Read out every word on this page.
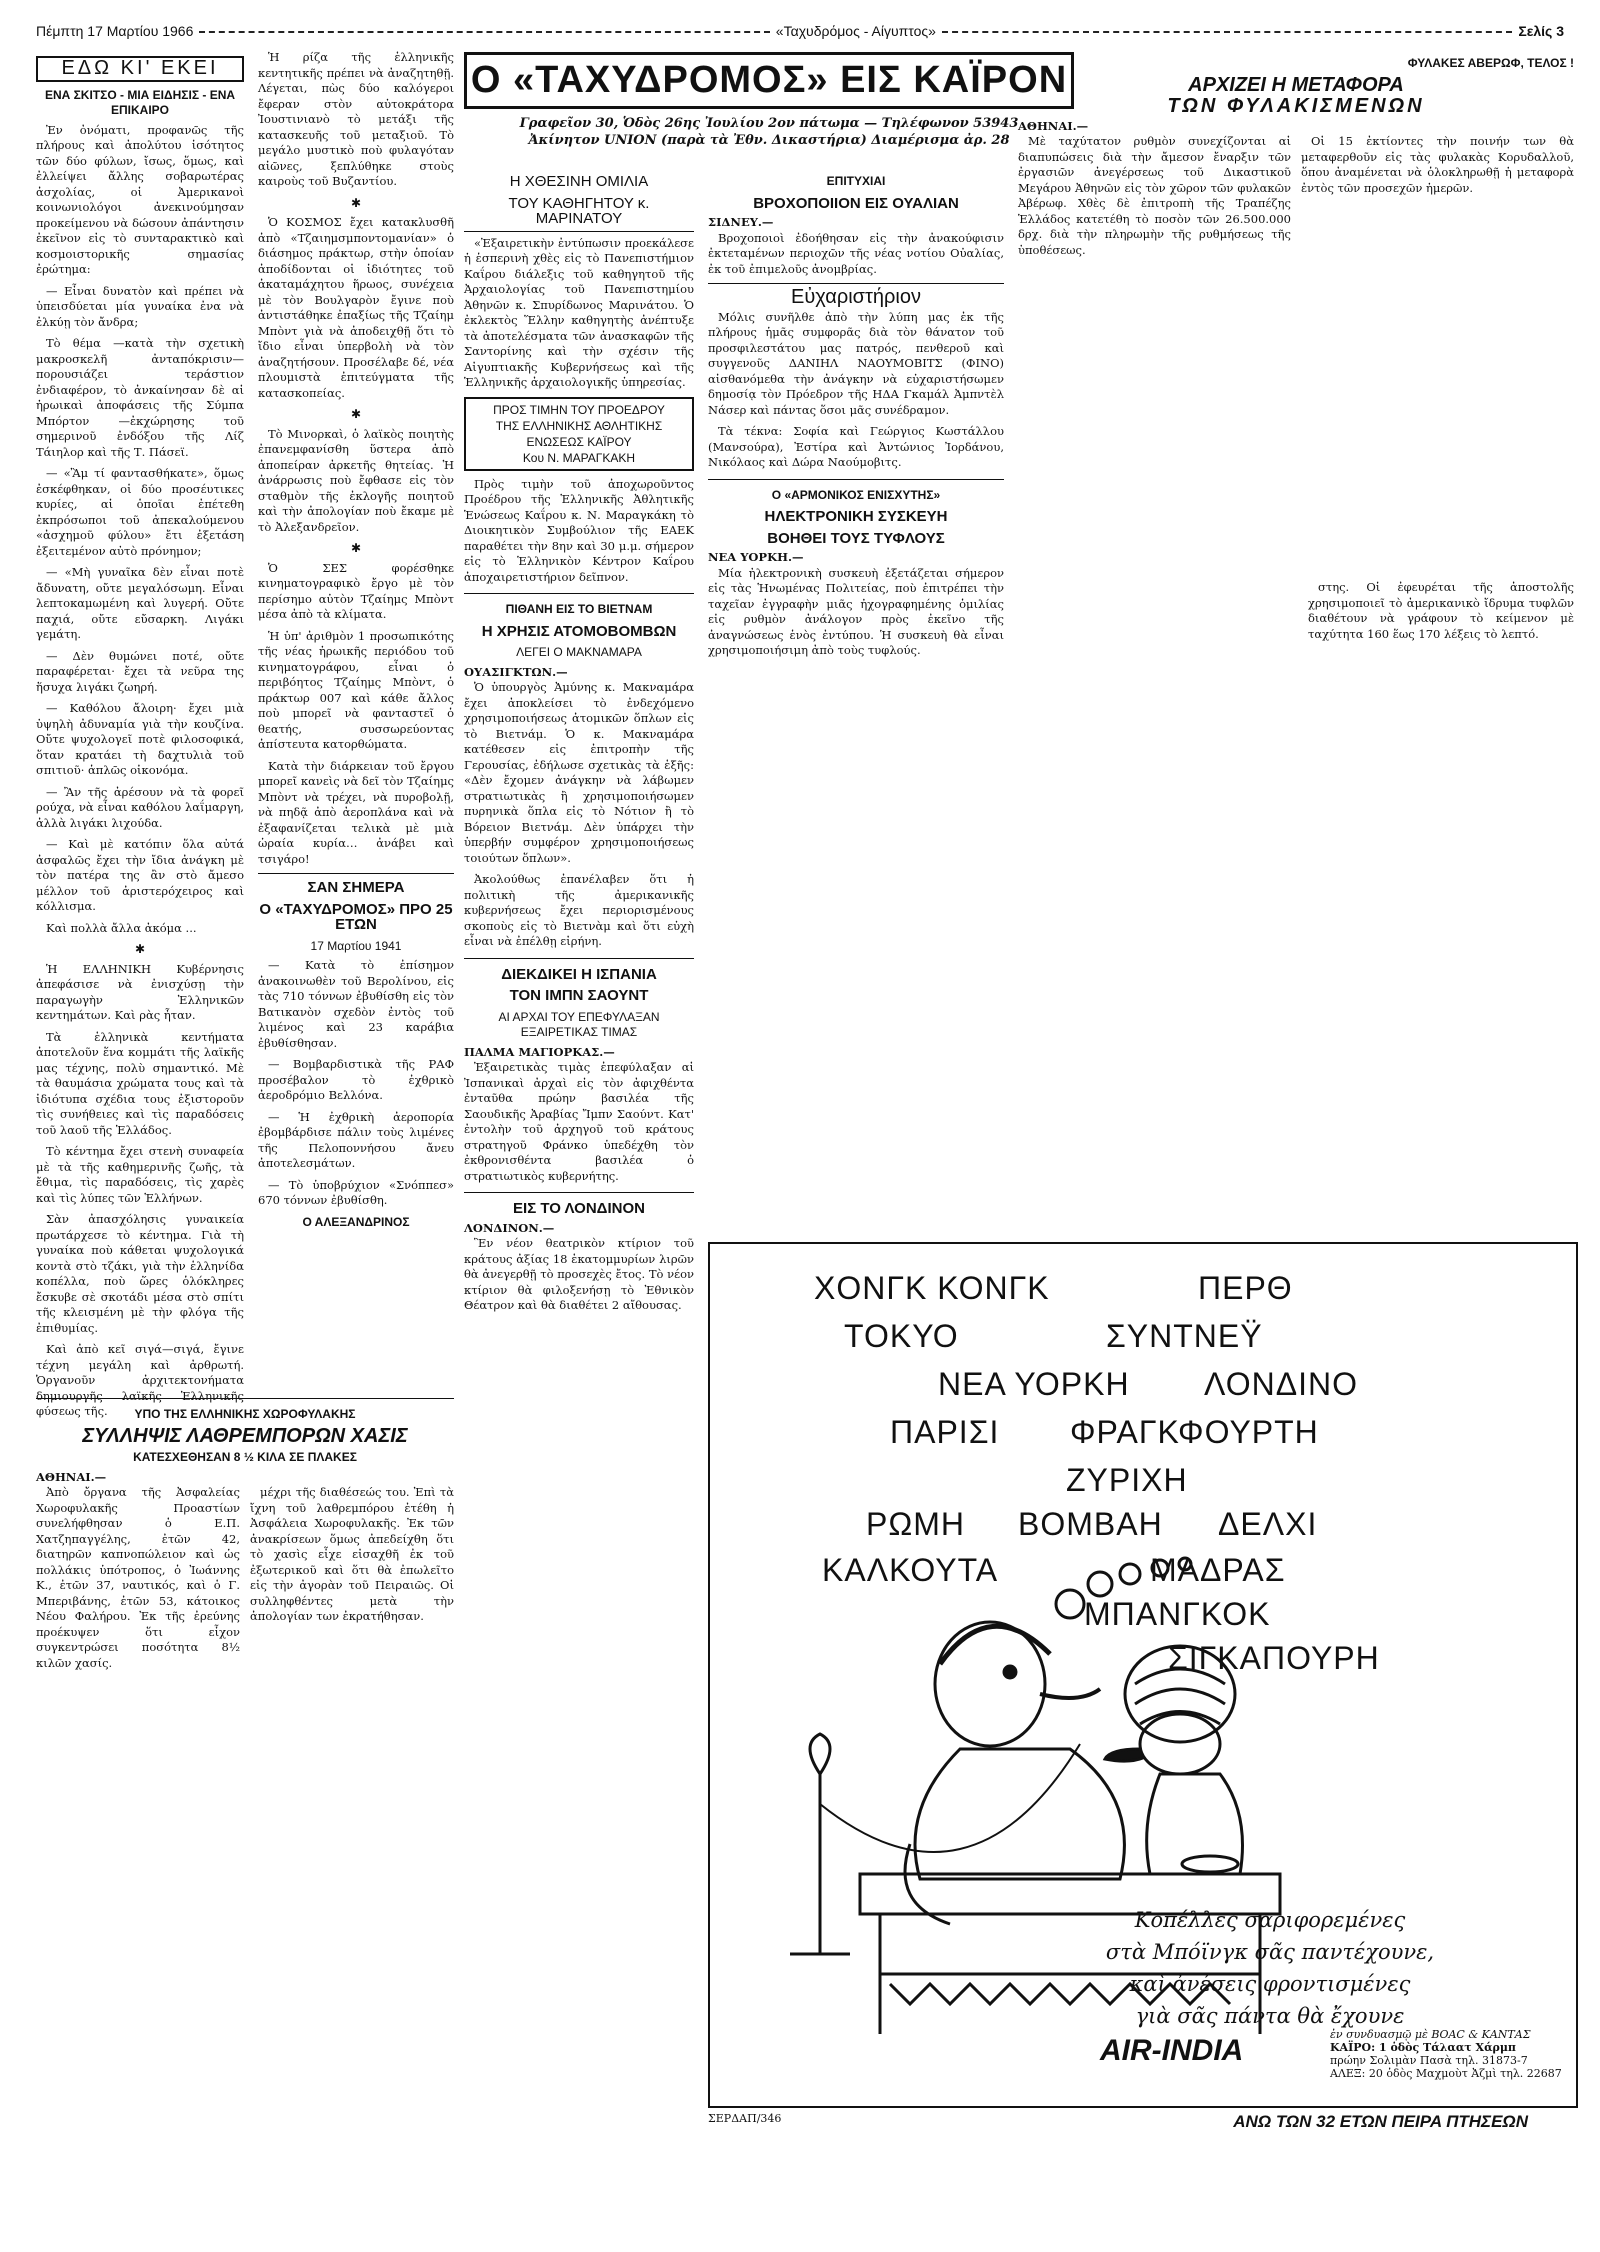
Πέμπτη 17 Μαρτίου 1966	«Ταχυδρόμος - Αίγυπτος»	Σελίς 3
ΕΔΩ ΚΙ' ΕΚΕΙ
ΕΝΑ ΣΚΙΤΣΟ - ΜΙΑ ΕΙΔΗΣΙΣ - ΕΝΑ ΕΠΙΚΑΙΡΟ

Ἐν ὀνόματι, προφανῶς τῆς πλήρους καὶ ἀπολύτου ἰσότητος τῶν δύο φύλων, ἴσως, ὅμως, καὶ ἐλλείψει ἄλλης σοβαρωτέρας ἀσχολίας, οἱ Ἀμερικανοὶ κοινωνιολόγοι ἀνεκινούμησαν προκείμενου νὰ δώσουν ἀπάντησιν ἐκεῖνον εἰς τὸ συνταρακτικὸ καὶ κοσμοιστορικῆς σημασίας ἐρώτημα:

— Εἶναι δυνατὸν καὶ πρέπει νὰ ὑπεισδύεται μία γυναίκα ἐνα νὰ ἐλκύῃ τὸν ἄνδρα;

Τὸ θέμα —κατὰ τὴν σχετικὴ μακροσκελῆ ἀνταπόκρισιν— πορουσιάζει τεράστιον ἐνδιαφέρον, τὸ ἀνκαίνησαν δὲ αἱ ἡρωικαὶ ἀποφάσεις τῆς Σύμπα Μπόρτον —ἐκχώρησης τοῦ σημερινοῦ ἐνδόξου τῆς Λίζ Τάιηλορ καὶ τῆς Τ. Πάσεϊ.

— «Ἂμ τί φαντασθήκατε», ὅμως ἐσκέφθηκαν, οἱ δύο προσέυτικες κυρίες, αἱ ὁποῖαι ἐπέτεθη ἐκπρόσωποι τοῦ ἀπεκαλούμενου «ἀσχημοῦ φύλου» ἔτι ἐξετάση ἐξειτεμένον αὐτὸ πρόνημον;

— «Μὴ γυναῖκα δὲν εἶναι ποτὲ ἄδυνατη, οὔτε μεγαλόσωμη. Εἶναι λεπτοκαμωμένη καὶ λυγερή. Οὔτε παχιά, οὔτε εὔσαρκη. Λιγάκι γεμάτη.

— Δὲν θυμώνει ποτέ, οὔτε παραφέρεται· ἔχει τὰ νεῦρα της ἥσυχα λιγάκι ζωηρή.

— Καθόλου ἄλοιρη· ἔχει μιὰ ὑψηλὴ ἀδυναμία γιὰ τὴν κουζίνα. Οὔτε ψυχολογεῖ ποτὲ φιλοσοφικά, ὅταν κρατάει τὴ δαχτυλιὰ τοῦ σπιτιοῦ· ἁπλῶς οἰκονόμα.

— Ἂν τῆς ἀρέσουν νὰ τὰ φορεῖ ρούχα, νὰ εἶναι καθόλου λαΐμαργη, ἀλλὰ λιγάκι λιχούδα.

— Καὶ μὲ κατόπιν ὅλα αὐτά ἀσφαλῶς ἔχει τὴν ἴδια ἀνάγκη μὲ τὸν πατέρα της ἂν στὸ ἄμεσο μέλλον τοῦ ἀριστερόχειρος καὶ κόλλισμα.

Καὶ πολλὰ ἄλλα ἀκόμα ...

✱

Ἡ ΕΛΛΗΝΙΚΗ Κυβέρνησις ἀπεφάσισε νὰ ἐνισχύσῃ τὴν παραγωγὴν Ἑλληνικῶν κεντημάτων. Καὶ ρὰς ἦταν.

Τὰ ἑλληνικὰ κεντήματα ἀποτελοῦν ἕνα κομμάτι τῆς λαϊκῆς μας τέχνης, πολὺ σημαντικό. Μὲ τὰ θαυμάσια χρώματα τους καὶ τὰ ἰδιότυπα σχέδια τους ἐξιστοροῦν τὶς συνήθειες καὶ τὶς παραδόσεις τοῦ λαοῦ τῆς Ἑλλάδος.

Τὸ κέντημα ἔχει στενὴ συναφεία μὲ τὰ τῆς καθημερινῆς ζωῆς, τὰ ἔθιμα, τὶς παραδόσεις, τὶς χαρὲς καὶ τὶς λύπες τῶν Ἑλλήνων.

Σὰν ἀπασχόλησις γυναικεία πρωτάρχεσε τὸ κέντημα. Γιὰ τὴ γυναίκα ποὺ κάθεται ψυχολογικά κοντὰ στὸ τζάκι, γιὰ τὴν ἑλληνίδα κοπέλλα, ποὺ ὥρες ὁλόκληρες ἔσκυβε σὲ σκοτάδι μέσα στὸ σπίτι τῆς κλεισμένη μὲ τὴν φλόγα τῆς ἐπιθυμίας.

Καὶ ἀπὸ κεῖ σιγά—σιγά, ἔγινε τέχνη μεγάλη καὶ ἀρθρωτή. Ὁργανοῦν ἀρχιτεκτονήματα δημιουργῆς λαϊκῆς Ἑλληνικῆς φύσεως τῆς.

Ἡ ρίζα τῆς ἑλληνικῆς κεντητικῆς πρέπει νὰ ἀναζητηθῇ. Λέγεται, πὼς δύο καλόγεροι ἔφεραν στὸν αὐτοκράτορα Ἰουστινιανὸ τὸ μετάξι τῆς κατασκευῆς τοῦ μεταξιοῦ. Τὸ μεγάλο μυστικὸ ποὺ φυλαγόταν αἰῶνες, ξεπλύθηκε στοὺς καιροὺς τοῦ Βυζαντίου.

✱

Ὁ ΚΟΣΜΟΣ ἔχει κατακλυσθῆ ἀπὸ «Τζαιημσμποντομανίαν» ὁ διάσημος πράκτωρ, στὴν ὁποίαν ἀποδίδονται οἱ ἰδιότητες τοῦ ἀκαταμάχητου ἥρωος, συνέχεια μὲ τὸν Βουλγαρὸν ἔγινε ποὺ ἀντιστάθηκε ἐπαξίως τῆς Τζαίημ Μπὸντ γιὰ νὰ ἀποδειχθῇ ὅτι τὸ ἴδιο εἶναι ὑπερβολὴ νὰ τὸν ἀναζητήσουν. Προσέλαβε δέ, νέα πλουμιστὰ ἐπιτεύγματα τῆς κατασκοπείας.

✱

Τὸ Μινορκαὶ, ὁ λαϊκὸς ποιητὴς ἐπανεμφανίσθη ὕστερα ἀπὸ ἀποπείραν ἀρκετῆς θητείας. Ἡ ἀνάρρωσις ποὺ ἔφθασε εἰς τὸν σταθμὸν τῆς ἐκλογῆς ποιητοῦ καὶ τὴν ἀπολογίαν ποὺ ἔκαμε μὲ τὸ Ἀλεξανδρεῖον.

✱

Ὁ ΣΕΣ φορέσθηκε κινηματογραφικὸ ἔργο μὲ τὸν περίσημο αὐτὸν Τζαίημς Μπὸντ μέσα ἀπὸ τὰ κλίματα.

Ἡ ὑπ' ἀριθμὸν 1 προσωπικότης τῆς νέας ἡρωικῆς περιόδου τοῦ κινηματογράφου, εἶναι ὁ περιβόητος Τζαίημς Μπὸντ, ὁ πράκτωρ 007 καὶ κάθε ἄλλος ποὺ μπορεῖ νὰ φανταστεῖ ὁ θεατής, συσσωρεύοντας ἀπίστευτα κατορθώματα.

Κατὰ τὴν διάρκειαν τοῦ ἔργου μπορεῖ κανεὶς νὰ δεῖ τὸν Τζαίημς Μπὸντ νὰ τρέχει, νὰ πυροβολῇ, νὰ πηδᾷ ἀπὸ ἀεροπλάνα καὶ νὰ ἐξαφανίζεται τελικὰ μὲ μιὰ ὡραία κυρία… ἀνάβει καὶ τσιγάρο!

ΣΑΝ ΣΗΜΕΡΑ
Ο «ΤΑΧΥΔΡΟΜΟΣ» ΠΡΟ 25 ΕΤΩΝ
17 Μαρτίου 1941

— Κατὰ τὸ ἐπίσημον ἀνακοινωθὲν τοῦ Βερολίνου, εἰς τὰς 710 τόννων ἐβυθίσθη εἰς τὸν Βατικανὸν σχεδὸν ἐντὸς τοῦ λιμένος καὶ 23 καράβια ἐβυθίσθησαν.

— Βομβαρδιστικὰ τῆς ΡΑΦ προσέβαλον τὸ ἐχθρικὸ ἀεροδρόμιο Βελλόνα.

— Ἡ ἐχθρικὴ ἀεροπορία ἐβομβάρδισε πάλιν τοὺς λιμένες τῆς Πελοποννήσου ἄνευ ἀποτελεσμάτων.

— Τὸ ὑποβρύχιον «Σνόππεσ» 670 τόννων ἐβυθίσθη.

Ο ΑΛΕΞΑΝΔΡΙΝΟΣ
ΥΠΟ ΤΗΣ ΕΛΛΗΝΙΚΗΣ ΧΩΡΟΦΥΛΑΚΗΣ
ΣΥΛΛΗΨΙΣ ΛΑΘΡΕΜΠΟΡΩΝ ΧΑΣΙΣ
ΚΑΤΕΣΧΕΘΗΣΑΝ 8 ½ ΚΙΛΑ ΣΕ ΠΛΑΚΕΣ
ΑΘΗΝΑΙ.—

Ἀπὸ ὄργανα τῆς Ἀσφαλείας Χωροφυλακῆς Προαστίων συνελήφθησαν ὁ Ε.Π. Χατζηπαγγέλης, ἐτῶν 42, διατηρῶν καπνοπώλειον καὶ ὡς πολλάκις ὑπότροπος, ὁ Ἰωάννης Κ., ἐτῶν 37, ναυτικός, καὶ ὁ Γ. Μπεριβάνης, ἐτῶν 53, κάτοικος Νέου Φαλήρου. Ἐκ τῆς ἐρεύνης προέκυψεν ὅτι εἶχον συγκεντρώσει ποσότητα 8½ κιλῶν χασίς.

μέχρι τῆς διαθέσεώς του. Ἐπὶ τὰ ἴχνη τοῦ λαθρεμπόρου ἐτέθη ἡ Ἀσφάλεια Χωροφυλακῆς. Ἐκ τῶν ἀνακρίσεων ὅμως ἀπεδείχθη ὅτι τὸ χασὶς εἶχε εἰσαχθῆ ἐκ τοῦ ἐξωτερικοῦ καὶ ὅτι θὰ ἐπωλεῖτο εἰς τὴν ἀγορὰν τοῦ Πειραιῶς. Οἱ συλληφθέντες μετὰ τὴν ἀπολογίαν των ἐκρατήθησαν.

Ο «ΤΑΧΥΔΡΟΜΟΣ» ΕΙΣ ΚΑΪΡΟΝ
Γραφεῖον 30, Ὁδὸς 26ης Ἰουλίου 2ον πάτωμα — Τηλέφωνον 53943
Ἀκίνητον UNION (παρὰ τὰ Ἐθν. Δικαστήρια) Διαμέρισμα ἀρ. 28
Η ΧΘΕΣΙΝΗ ΟΜΙΛΙΑ
ΤΟΥ ΚΑΘΗΓΗΤΟΥ κ. ΜΑΡΙΝΑΤΟΥ

«Ἐξαιρετικὴν ἐντύπωσιν προεκάλεσε ἡ ἑσπερινὴ χθὲς εἰς τὸ Πανεπιστήμιον Καΐρου διάλεξις τοῦ καθηγητοῦ τῆς Ἀρχαιολογίας τοῦ Πανεπιστημίου Ἀθηνῶν κ. Σπυρίδωνος Μαρινάτου. Ὁ ἐκλεκτὸς Ἕλλην καθηγητὴς ἀνέπτυξε τὰ ἀποτελέσματα τῶν ἀνασκαφῶν τῆς Σαντορίνης καὶ τὴν σχέσιν τῆς Αἰγυπτιακῆς Κυβερνήσεως καὶ τῆς Ἑλληνικῆς ἀρχαιολογικῆς ὑπηρεσίας.

ΠΡΟΣ ΤΙΜΗΝ ΤΟΥ ΠΡΟΕΔΡΟΥ
ΤΗΣ ΕΛΛΗΝΙΚΗΣ ΑΘΛΗΤΙΚΗΣ
ΕΝΩΣΕΩΣ ΚΑΪΡΟΥ
Κου Ν. ΜΑΡΑΓΚΑΚΗ

Πρὸς τιμὴν τοῦ ἀποχωροῦντος Προέδρου τῆς Ἑλληνικῆς Ἀθλητικῆς Ἑνώσεως Καΐρου κ. Ν. Μαραγκάκη τὸ Διοικητικὸν Συμβούλιον τῆς ΕΑΕΚ παραθέτει τὴν 8ην καὶ 30 μ.μ. σήμερον εἰς τὸ Ἑλληνικὸν Κέντρον Καΐρου ἀποχαιρετιστήριον δεῖπνον.

ΠΙΘΑΝΗ ΕΙΣ ΤΟ ΒΙΕΤΝΑΜ
Η ΧΡΗΣΙΣ ΑΤΟΜΟΒΟΜΒΩΝ
ΛΕΓΕΙ Ο ΜΑΚΝΑΜΑΡΑ
ΟΥΑΣΙΓΚΤΩΝ.—

Ὁ ὑπουργὸς Ἀμύνης κ. Μακναμάρα ἔχει ἀποκλείσει τὸ ἐνδεχόμενο χρησιμοποιήσεως ἀτομικῶν ὅπλων εἰς τὸ Βιετνάμ. Ὁ κ. Μακναμάρα κατέθεσεν εἰς ἐπιτροπὴν τῆς Γερουσίας, ἐδήλωσε σχετικὰς τὰ ἑξῆς: «Δὲν ἔχομεν ἀνάγκην νὰ λάβωμεν στρατιωτικὰς ἢ χρησιμοποιήσωμεν πυρηνικὰ ὅπλα εἰς τὸ Νότιον ἢ τὸ Βόρειον Βιετνάμ. Δὲν ὑπάρχει τὴν ὑπερβήν συμφέρον χρησιμοποιήσεως τοιούτων ὅπλων».

Ἀκολούθως ἐπανέλαβεν ὅτι ἡ πολιτικὴ τῆς ἀμερικανικῆς κυβερνήσεως ἔχει περιορισμένους σκοποὺς εἰς τὸ Βιετνὰμ καὶ ὅτι εὐχὴ εἶναι νὰ ἐπέλθῃ εἰρήνη.

ΔΙΕΚΔΙΚΕΙ Η ΙΣΠΑΝΙΑ
ΤΟΝ ΙΜΠΝ ΣΑΟΥΝΤ
ΑΙ ΑΡΧΑΙ ΤΟΥ ΕΠΕΦΥΛΑΞΑΝ ΕΞΑΙΡΕΤΙΚΑΣ ΤΙΜΑΣ
ΠΑΛΜΑ ΜΑΓΙΟΡΚΑΣ.—

Ἐξαιρετικὰς τιμὰς ἐπεφύλαξαν αἱ Ἰσπανικαὶ ἀρχαὶ εἰς τὸν ἀφιχθέντα ἐνταῦθα πρώην βασιλέα τῆς Σαουδικῆς Ἀραβίας Ἴμπν Σαούντ. Κατ' ἐντολὴν τοῦ ἀρχηγοῦ τοῦ κράτους στρατηγοῦ Φράνκο ὑπεδέχθη τὸν ἐκθρονισθέντα βασιλέα ὁ στρατιωτικὸς κυβερνήτης.

ΕΙΣ ΤΟ ΛΟΝΔΙΝΟΝ
ΛΟΝΔΙΝΟΝ.—

Ἓν νέον θεατρικὸν κτίριον τοῦ κράτους ἀξίας 18 ἑκατομμυρίων λιρῶν θὰ ἀνεγερθῇ τὸ προσεχὲς ἔτος. Τὸ νέον κτίριον θὰ φιλοξενήσῃ τὸ Ἐθνικὸν Θέατρον καὶ θὰ διαθέτει 2 αἴθουσας.

ΕΠΙΤΥΧΙΑΙ
ΒΡΟΧΟΠΟΙΙΟΝ ΕΙΣ ΟΥΑΛΙΑΝ
ΣΙΔΝΕΥ.—

Βροχοποιοὶ ἐδοήθησαν εἰς τὴν ἀνακούφισιν ἐκτεταμένων περιοχῶν τῆς νέας νοτίου Οὐαλίας, ἐκ τοῦ ἐπιμελοῦς ἀνομβρίας.

Εὐχαριστήριον

Μόλις συνῆλθε ἀπὸ τὴν λύπη μας ἐκ τῆς πλήρους ἡμᾶς συμφορᾶς διὰ τὸν θάνατον τοῦ προσφιλεστάτου μας πατρός, πενθεροῦ καὶ συγγενοῦς ΔΑΝΙΗΛ ΝΑΟΥΜΟΒΙΤΣ (ΦΙΝΟ) αἰσθανόμεθα τὴν ἀνάγκην νὰ εὐχαριστήσωμεν δημοσίᾳ τὸν Πρόεδρον τῆς ΗΔΑ Γκαμάλ Ἀμπντὲλ Νάσερ καὶ πάντας ὅσοι μᾶς συνέδραμον.

Τὰ τέκνα: Σοφία καὶ Γεώργιος Κωστάλλου (Μανσούρα), Ἐστίρα καὶ Ἀντώνιος Ἰορδάνου, Νικόλαος καὶ Δώρα Ναούμοβιτς.

Ο «ΑΡΜΟΝΙΚΟΣ ΕΝΙΣΧΥΤΗΣ»
ΗΛΕΚΤΡΟΝΙΚΗ ΣΥΣΚΕΥΗ
ΒΟΗΘΕΙ ΤΟΥΣ ΤΥΦΛΟΥΣ
ΝΕΑ ΥΟΡΚΗ.—

Μία ἠλεκτρονικὴ συσκευὴ ἐξετάζεται σήμερον εἰς τὰς Ἡνωμένας Πολιτείας, ποὺ ἐπιτρέπει τὴν ταχεῖαν ἐγγραφὴν μιᾶς ἠχογραφημένης ὁμιλίας εἰς ρυθμὸν ἀνάλογον πρὸς ἐκεῖνο τῆς ἀναγνώσεως ἑνὸς ἐντύπου. Ἡ συσκευὴ θὰ εἶναι χρησιμοποιήσιμη ἀπὸ τοὺς τυφλούς.

ΦΥΛΑΚΕΣ ΑΒΕΡΩΦ, ΤΕΛΟΣ !
ΑΡΧΙΖΕΙ Η ΜΕΤΑΦΟΡΑ
ΤΩΝ ΦΥΛΑΚΙΣΜΕΝΩΝ
ΑΘΗΝΑΙ.—

Μὲ ταχύτατον ρυθμὸν συνεχίζονται αἱ διαπυπώσεις διὰ τὴν ἄμεσον ἔναρξιν τῶν ἐργασιῶν ἀνεγέρσεως τοῦ Δικαστικοῦ Μεγάρου Ἀθηνῶν εἰς τὸν χῶρον τῶν φυλακῶν Ἀβέρωφ. Χθὲς δὲ ἐπιτροπὴ τῆς Τραπέζης Ἑλλάδος κατετέθη τὸ ποσὸν τῶν 26.500.000 δρχ. διὰ τὴν πληρωμὴν τῆς ρυθμήσεως τῆς ὑποθέσεως.

Οἱ 15 ἐκτίοντες τὴν ποινήν των θὰ μεταφερθοῦν εἰς τὰς φυλακὰς Κορυδαλλοῦ, ὅπου ἀναμένεται νὰ ὁλοκληρωθῇ ἡ μεταφορὰ ἐντὸς τῶν προσεχῶν ἡμερῶν.

στης. Οἱ ἐφευρέται τῆς ἀποστολῆς χρησιμοποιεῖ τὸ ἀμερικανικὸ ἴδρυμα τυφλῶν διαθέτουν νὰ γράφουν τὸ κείμενον μὲ ταχύτητα 160 ἕως 170 λέξεις τὸ λεπτό.

ΧΟΝΓΚ ΚΟΝΓΚ	ΠΕΡΘ
ΤΟΚΥΟ	ΣΥΝΤΝΕΫ
ΝΕΑ ΥΟΡΚΗ ΛΟΝΔΙΝΟ
ΠΑΡΙΣΙ ΦΡΑΓΚΦΟΥΡΤΗ
ΖΥΡΙΧΗ
ΡΩΜΗ ΒΟΜΒΑΗ ΔΕΛΧΙ
ΚΑΛΚΟΥΤΑ	ΜΑΔΡΑΣ
ΜΠΑΝΓΚΟΚ
ΣΙΓΚΑΠΟΥΡΗ
Κοπέλλες σαριφορεμένες
στὰ Μπόϊνγκ σᾶς παντέχουνε,
καὶ ἀνέσεις φροντισμένες
γιὰ σᾶς πάντα θὰ ἔχουνε
AIR-INDIA	ἐν συνδυασμῷ μὲ ΒΟΑC & ΚΑΝΤΑΣ
ΚΑΪΡΟ: 1 ὁδὸς Τάλαατ Χάρμπ
πρώην Σολιμὰν Πασὰ τηλ. 31873-7
ΑΛΕΞ: 20 ὁδὸς Μαχμοὺτ Ἀζμὶ τηλ. 22687
ΣΕΡΔΑΠ/346	ΑΝΩ ΤΩΝ 32 ΕΤΩΝ ΠΕΙΡΑ ΠΤΗΣΕΩΝ
